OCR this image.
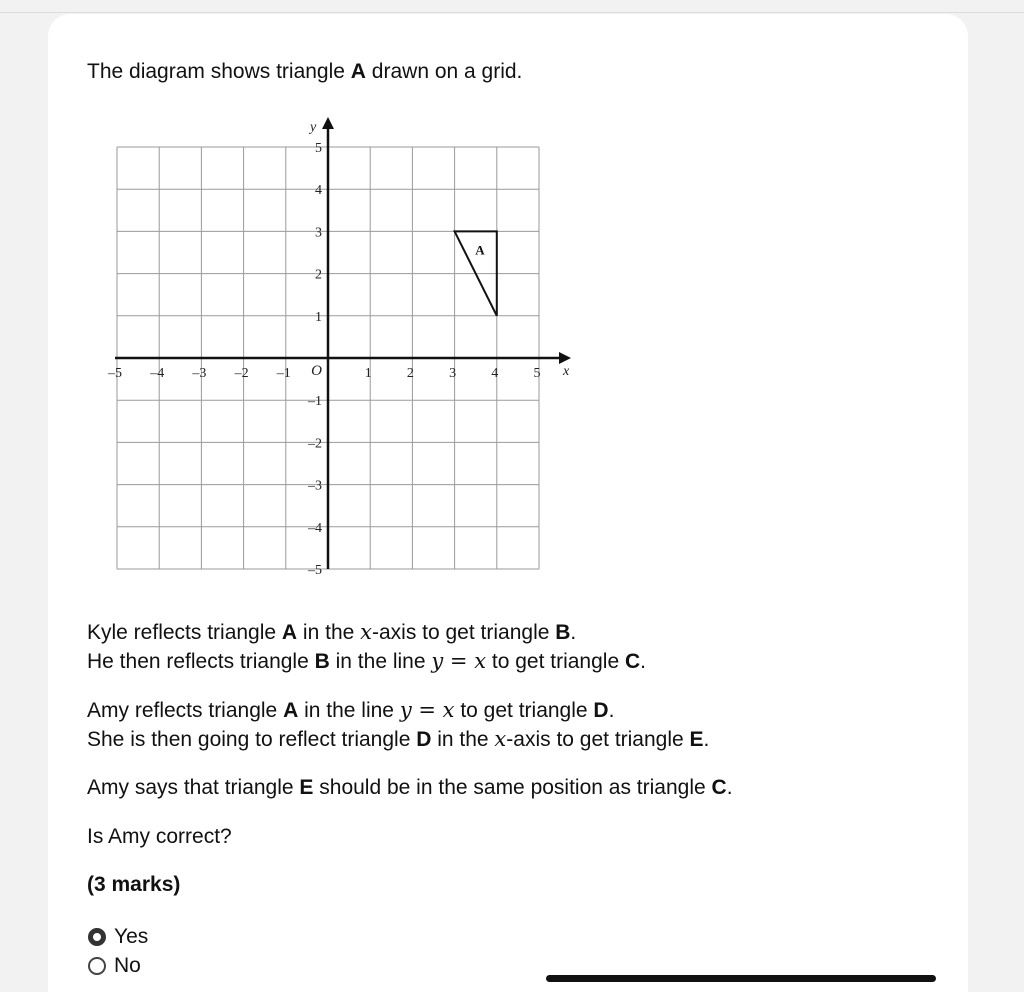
The diagram shows triangle A drawn on a grid.
–5 –4 –3 –2 –1	1	2	3	4	5
–5
–4
–3
–2
–1
1
2
3
4
5
O	x
y
A
Kyle reflects triangle A in the x-axis to get triangle B.
He then reflects triangle B in the line y = x to get triangle C.
Amy reflects triangle A in the line y = x to get triangle D.
She is then going to reflect triangle D in the x-axis to get triangle E.
Amy says that triangle E should be in the same position as triangle C.
Is Amy correct?
(3 marks)
Yes
No
